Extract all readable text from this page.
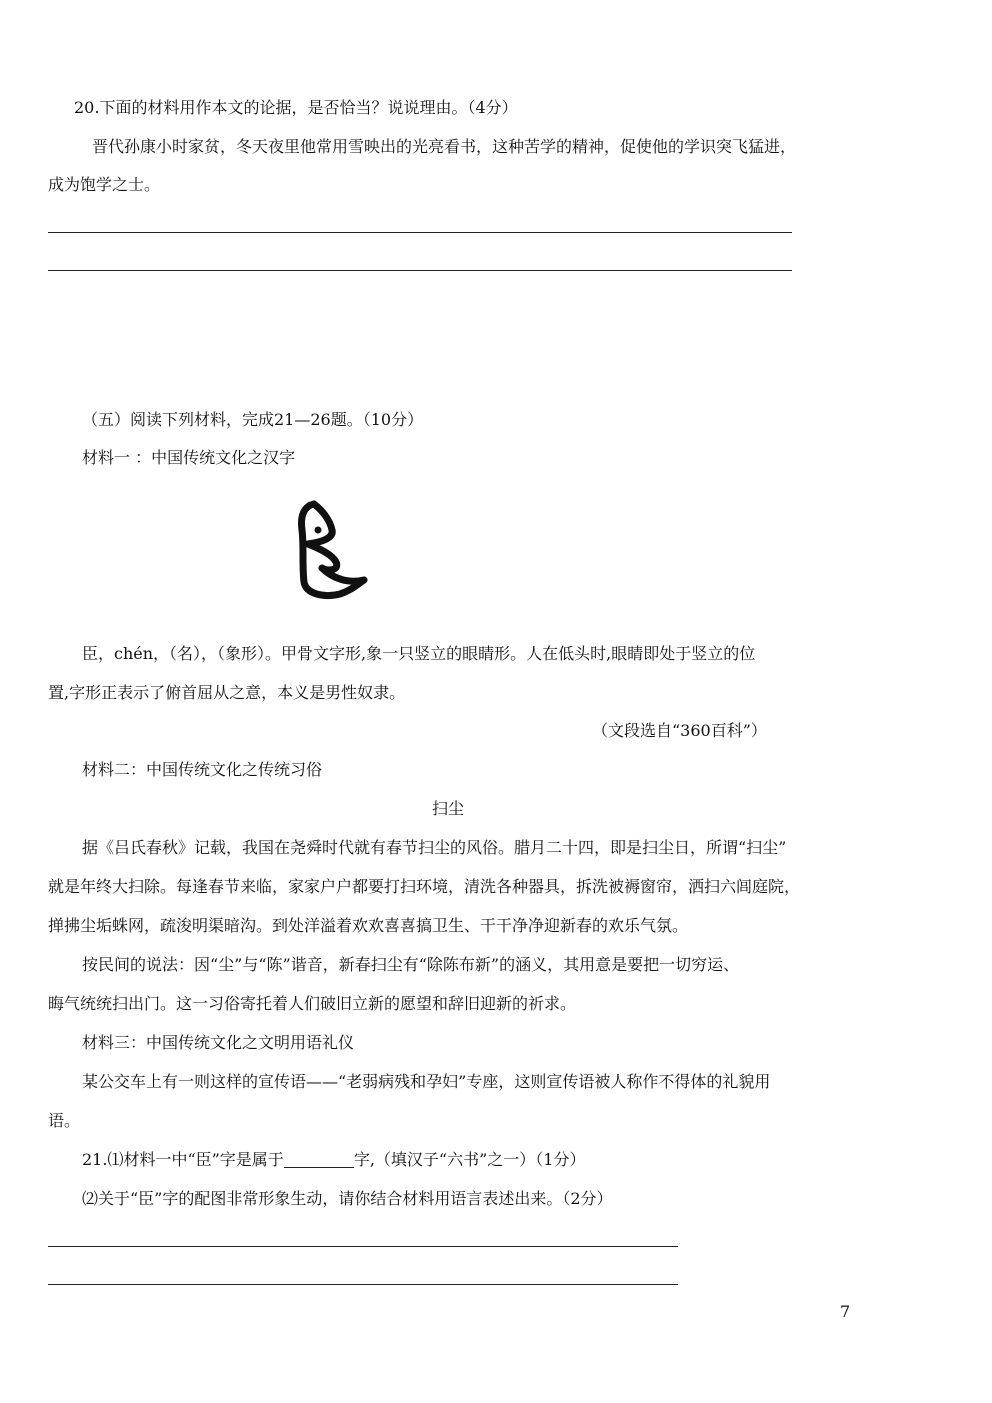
20.下面的材料用作本文的论据，是否恰当？说说理由。（4分）
晋代孙康小时家贫，冬天夜里他常用雪映出的光亮看书，这种苦学的精神，促使他的学识突飞猛进，
成为饱学之士。
（五）阅读下列材料，完成21—26题。（10分）
材料一 ：中国传统文化之汉字
臣，chén，（名），（象形）。甲骨文字形,象一只竖立的眼睛形。人在低头时,眼睛即处于竖立的位
置,字形正表示了俯首屈从之意，本义是男性奴隶。
（文段选自“360百科”）
材料二：中国传统文化之传统习俗
扫尘
据《吕氏春秋》记载，我国在尧舜时代就有春节扫尘的风俗。腊月二十四，即是扫尘日，所谓“扫尘”
就是年终大扫除。每逢春节来临，家家户户都要打扫环境，清洗各种器具，拆洗被褥窗帘，洒扫六闾庭院，
掸拂尘垢蛛网，疏浚明渠暗沟。到处洋溢着欢欢喜喜搞卫生、干干净净迎新春的欢乐气氛。
按民间的说法：因“尘”与“陈”谐音，新春扫尘有“除陈布新”的涵义，其用意是要把一切穷运、
晦气统统扫出门。这一习俗寄托着人们破旧立新的愿望和辞旧迎新的祈求。
材料三：中国传统文化之文明用语礼仪
某公交车上有一则这样的宣传语——“老弱病残和孕妇”专座，这则宣传语被人称作不得体的礼貌用
语。
21.⑴材料一中“臣”字是属于	字,（填汉子“六书”之一）（1分）
⑵关于“臣”字的配图非常形象生动，请你结合材料用语言表述出来。（2分）
7
